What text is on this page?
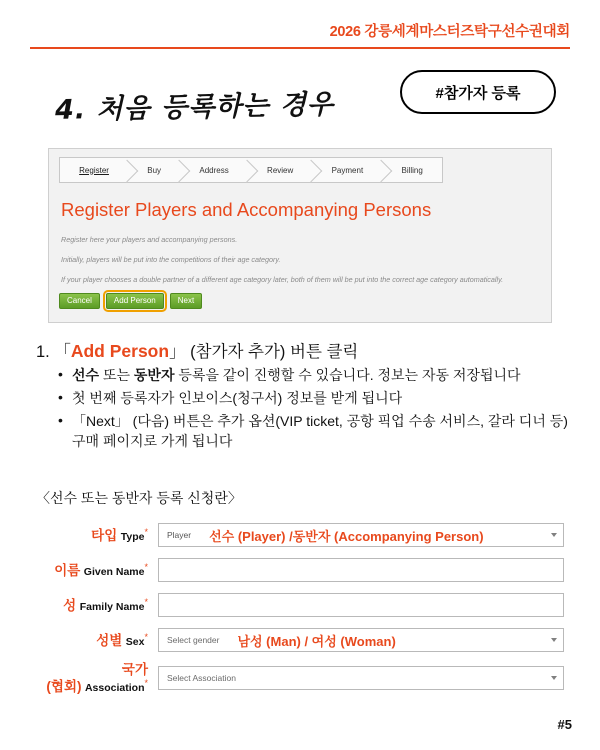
2026 강릉세계마스터즈탁구선수권대회
#참가자 등록
4. 처음 등록하는 경우
Register	Buy	Address	Review	Payment	Billing
Register Players and Accompanying Persons
Register here your players and accompanying persons.
Initially, players will be put into the competitions of their age category.
If your player chooses a double partner of a different age category later, both of them will be put into the correct age category automatically.
Cancel	Add Person	Next
1. 「Add Person」 (참가자 추가) 버튼 클릭
• 선수 또는 동반자 등록을 같이 진행할 수 있습니다. 정보는 자동 저장됩니다
• 첫 번째 등록자가 인보이스(청구서) 정보를 받게 됩니다
• 「Next」 (다음) 버튼은 추가 옵션(VIP ticket, 공항 픽업 수송 서비스, 갈라 디너 등) 구매 페이지로 가게 됩니다
〈선수 또는 동반자 등록 신청란〉
타입 Type*	Player 선수 (Player) /동반자 (Accompanying Person)
이름 Given Name*
성 Family Name*
성별 Sex*	Select gender 남성 (Man) / 여성 (Woman)
국가
(협회) Association*	Select Association
#5
